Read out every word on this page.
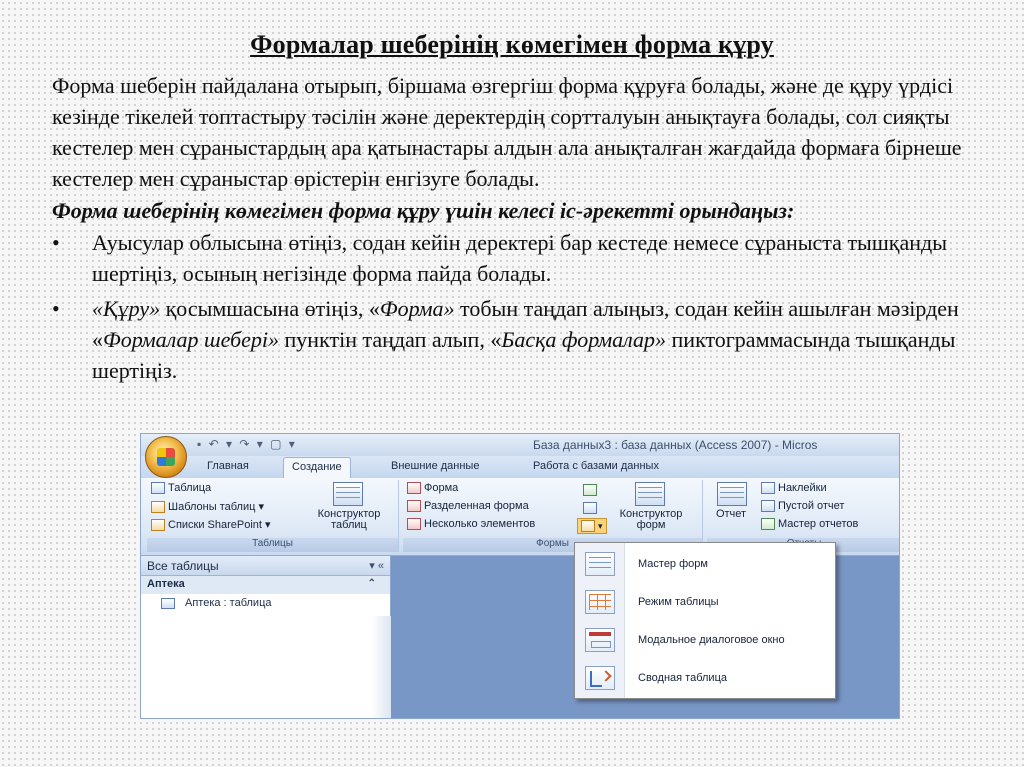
Формалар шеберінің көмегімен форма құру

Форма шеберін пайдалана отырып, біршама өзгергіш форма құруға болады, және де құру үрдісі кезінде тікелей топтастыру тәсілін және деректердің сортталуын анықтауға болады, сол сияқты кестелер мен сұраныстардың ара қатынастары алдын ала анықталған жағдайда формаға бірнеше кестелер мен сұраныстар өрістерін енгізуге болады.

Форма шеберінің көмегімен форма құру үшін келесі іс-әрекетті орындаңыз:

•	Ауысулар облысына өтіңіз, содан кейін деректері бар кестеде немесе сұраныста тышқанды шертіңіз, осының негізінде форма пайда болады.
•	«Құру» қосымшасына өтіңіз, «Форма» тобын таңдап алыңыз, содан кейін ашылған мәзірден «Формалар шебері» пунктін таңдап алып, «Басқа формалар» пиктограммасында тышқанды шертіңіз.
▪ ↶ ▾ ↷ ▾ ▢ ▾	База данных3 : база данных (Access 2007) - Micros
Главная	Создание	Внешние данные	Работа с базами данных
Таблица
Шаблоны таблиц ▾
Списки SharePoint ▾
Конструктор таблиц
Таблицы
Форма
Разделенная форма
Несколько элементов	▾
Конструктор форм
Формы
Отчет
Наклейки
Пустой отчет
Мастер отчетов
Все таблицы	▾ «
Аптека	⌃
Аптека : таблица
Мастер форм
Режим таблицы
Модальное диалоговое окно
Сводная таблица
